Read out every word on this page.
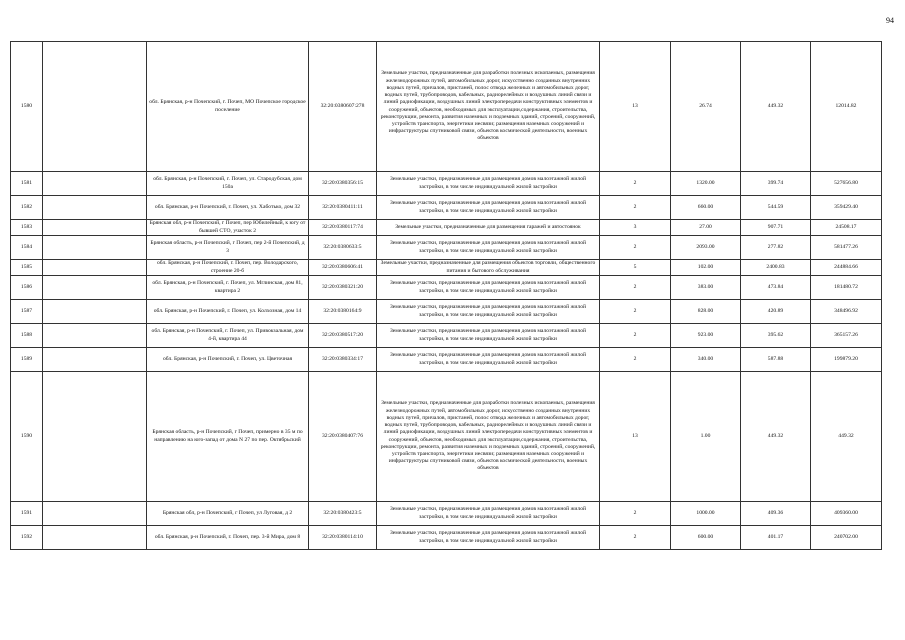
94
1580		обл. Брянская, р-н Почепский, г. Почеп, МО Почепское городское поселение	32:20:0380607:278	Земельные участки, предназначенные для разработки полезных ископаемых, размещения железнодорожных путей, автомобильных дорог, искусственно созданных внутренних водных путей, причалов, пристаней, полос отвода железных и автомобильных дорог, водных путей, трубопроводов, кабельных, радиорелейных и воздушных линий связи и линий радиофикации, воздушных линий электропередачи конструктивных элементов и сооружений, объектов, необходимых для эксплуатации,содержания, строительства, реконструкции, ремонта, развития наземных и подземных зданий, строений, сооружений, устройств транспорта, энергетики иесвязи; размещения наземных сооружений и инфраструктуры спутниковой связи, объектов космической деятельности, военных объектов	13	26.74	449.32	12014.82
1581		обл. Брянская, р-н Почепский, г. Почеп, ул. Стародубская, дом 150а	32:20:0380356:15	Земельные участки, предназначенные для размещения домов малоэтажной жилой застройки, в том числе индивидуальной жилой застройки	2	1320.00	399.74	527656.80
1582		обл. Брянская, р-н Почепский, г. Почеп, ул. Хаботько, дом 32	32:20:0380411:11	Земельные участки, предназначенные для размещения домов малоэтажной жилой застройки, в том числе индивидуальной жилой застройки	2	660.00	544.59	359429.40
1583		Брянская обл, р-н Почепский, г Почеп, пер Юбилейный, к югу от бывшей СТО, участок 2	32:20:0380117:74	Земельные участки, предназначенные для размещения гаражей и автостоянок	3	27.00	907.71	24508.17
1584		Брянская область, р-н Почепский, г Почеп, пер 2-й Почепский, д 3	32:20:0380633:5	Земельные участки, предназначенные для размещения домов малоэтажной жилой застройки, в том числе индивидуальной жилой застройки	2	2093.00	277.82	581477.26
1585		обл. Брянская, р-н Почепский, г. Почеп, пер. Володарского, строение 20-б	32:20:0380606:41	Земельные участки, предназначенные для размещения объектов торговли, общественного питания и бытового обслуживания	5	102.00	2400.83	244884.66
1586		обл. Брянская, р-н Почепский, г. Почеп, ул. Мглинская, дом 81, квартира 2	32:20:0380321:20	Земельные участки, предназначенные для размещения домов малоэтажной жилой застройки, в том числе индивидуальной жилой застройки	2	383.00	473.84	181480.72
1587		обл. Брянская, р-н Почепский, г. Почеп, ул. Колхозная, дом 14	32:20:0380164:9	Земельные участки, предназначенные для размещения домов малоэтажной жилой застройки, в том числе индивидуальной жилой застройки	2	828.00	420.89	348496.92
1588		обл. Брянская, р-н Почепский, г. Почеп, ул. Привокзальная, дом 4-й, квартира 44	32:20:0380517:20	Земельные участки, предназначенные для размещения домов малоэтажной жилой застройки, в том числе индивидуальной жилой застройки	2	923.00	395.62	365157.26
1589		обл. Брянская, р-н Почепский, г. Почеп, ул. Цветочная	32:20:0380334:17	Земельные участки, предназначенные для размещения домов малоэтажной жилой застройки, в том числе индивидуальной жилой застройки	2	340.00	587.88	199879.20
1590		Брянская область, р-н Почепский, г Почеп, примерно в 35 м по направлению на юго-запад от дома N 27 по пер. Октябрьский	32:20:0380407:76	Земельные участки, предназначенные для разработки полезных ископаемых, размещения железнодорожных путей, автомобильных дорог, искусственно созданных внутренних водных путей, причалов, пристаней, полос отвода железных и автомобильных дорог, водных путей, трубопроводов, кабельных, радиорелейных и воздушных линий связи и линий радиофикации, воздушных линий электропередачи конструктивных элементов и сооружений, объектов, необходимых для эксплуатации,содержания, строительства, реконструкции, ремонта, развития наземных и подземных зданий, строений, сооружений, устройств транспорта, энергетики иесвязи; размещения наземных сооружений и инфраструктуры спутниковой связи, объектов космической деятельности, военных объектов	13	1.00	449.32	449.32
1591		Брянская обл, р-н Почепский, г Почеп, ул Луговая, д 2	32:20:0380423:5	Земельные участки, предназначенные для размещения домов малоэтажной жилой застройки, в том числе индивидуальной жилой застройки	2	1000.00	409.36	409360.00
1592		обл. Брянская, р-н Почепский, г. Почеп, пер. 3-й Мира, дом 8	32:20:0380114:10	Земельные участки, предназначенные для размещения домов малоэтажной жилой застройки, в том числе индивидуальной жилой застройки	2	600.00	401.17	240702.00
